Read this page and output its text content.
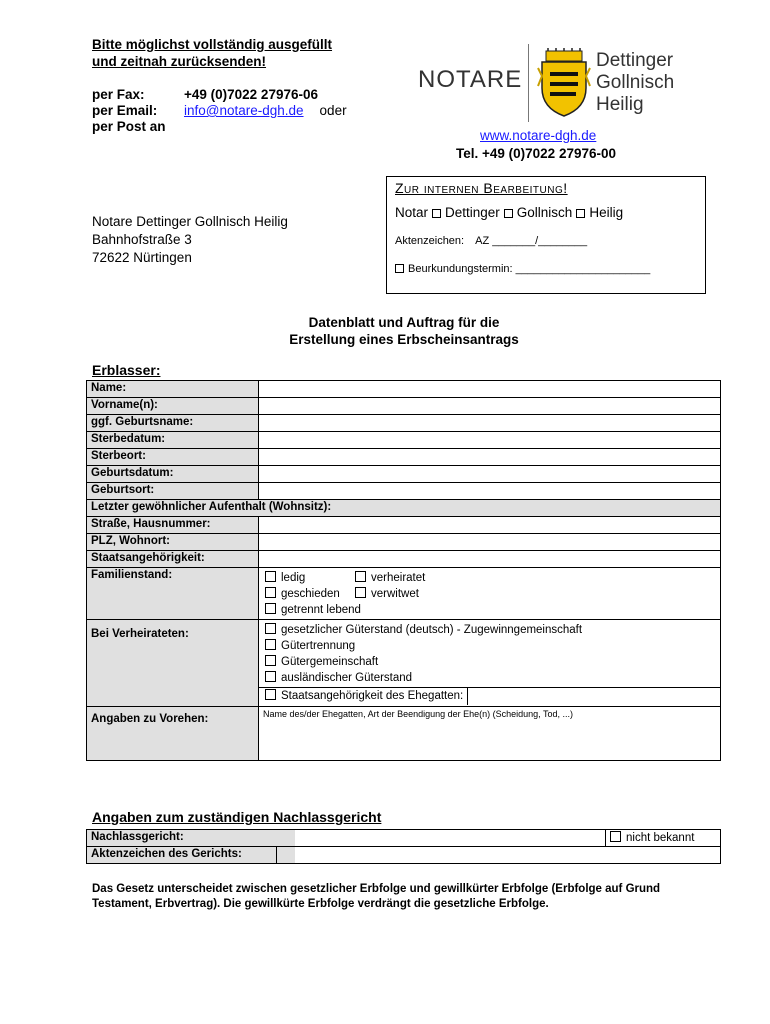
Bitte möglichst vollständig ausgefüllt
und zeitnah zurücksenden!
per Fax:	+49 (0)7022 27976-06
per Email: info@notare-dgh.de oder
per Post an
NOTARE
Dettinger
Gollnisch
Heilig
www.notare-dgh.de
Tel. +49 (0)7022 27976-00
Notare Dettinger Gollnisch Heilig
Bahnhofstraße 3
72622 Nürtingen
Zur internen Bearbeitung!
Notar Dettinger Gollnisch Heilig
Aktenzeichen: AZ _______/________
Beurkundungstermin: ______________________
Datenblatt und Auftrag für die
Erstellung eines Erbscheinsantrags
Erblasser:
Name:	
Vorname(n):	
ggf. Geburtsname:	
Sterbedatum:	
Sterbeort:	
Geburtsdatum:	
Geburtsort:	
Letzter gewöhnlicher Aufenthalt (Wohnsitz):	
Straße, Hausnummer:	
PLZ, Wohnort:	
Staatsangehörigkeit:	
Familienstand:	ledig verheiratet
geschieden verwitwet
getrennt lebend

Bei Verheirateten:	gesetzlicher Güterstand (deutsch) - Zugewinngemeinschaft
Gütertrennung
Gütergemeinschaft
ausländischer Güterstand
Staatsangehörigkeit des Ehegatten:

Angaben zu Vorehen:	Name des/der Ehegatten, Art der Beendigung der Ehe(n) (Scheidung, Tod, ...)
Angaben zum zuständigen Nachlassgericht
Nachlassgericht:		nicht bekannt
Aktenzeichen des Gerichts:		
Das Gesetz unterscheidet zwischen gesetzlicher Erbfolge und gewillkürter Erbfolge (Erbfolge auf Grund Testament, Erbvertrag). Die gewillkürte Erbfolge verdrängt die gesetzliche Erbfolge.
